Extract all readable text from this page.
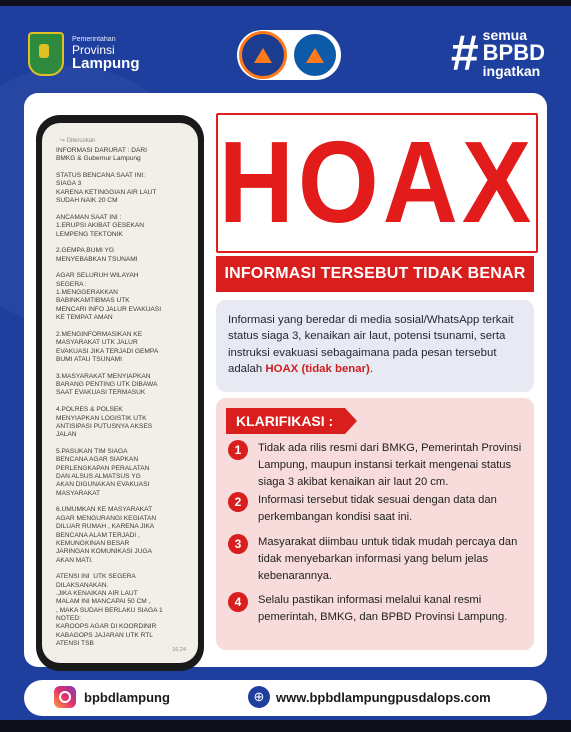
Pemerintahan
Provinsi
Lampung	# semua
BPBD
ingatkan
↪ Diteruskan
INFORMASI DARURAT : DARI
BMKG & Gubernur Lampung

STATUS BENCANA SAAT INI:
SIAGA 3
KARENA KETINGGIAN AIR LAUT
SUDAH NAIK 20 CM

ANCAMAN SAAT INI :
1.ERUPSI AKIBAT GESEKAN
LEMPENG TEKTONIK

2.GEMPA BUMI YG
MENYEBABKAN TSUNAMI

AGAR SELURUH WILAYAH
SEGERA :
1.MENGGERAKKAN
BABINKAMTIBMAS UTK
MENCARI INFO JALUR EVAKUASI
KE TEMPAT AMAN

2.MENGINFORMASIKAN KE
MASYARAKAT UTK JALUR
EVAKUASI JIKA TERJADI GEMPA
BUMI ATAU TSUNAMI

3.MASYARAKAT MENYIAPKAN
BARANG PENTING UTK DIBAWA
SAAT EVAKUASI TERMASUK

4.POLRES & POLSEK
MENYIAPKAN LOGISTIK UTK
ANTISIPASI PUTUSNYA AKSES
JALAN

5.PASUKAN TIM SIAGA
BENCANA AGAR SIAPKAN
PERLENGKAPAN PERALATAN
DAN ALSUS ALMATSUS YG
AKAN DIGUNAKAN EVAKUASI
MASYARAKAT

6.UMUMKAN KE MASYARAKAT
AGAR MENGURANGI KEGIATAN
DILUAR RUMAH , KARENA JIKA
BENCANA ALAM TERJADI ,
KEMUNGKINAN BESAR
JARINGAN KOMUNIKASI JUGA
AKAN MATI.

ATENSI INI  UTK SEGERA
DILAKSANAKAN.
.JIKA KENAIKAN AIR LAUT
MALAM INI MANCAPAI 50 CM ,
, MAKA SUDAH BERLAKU SIAGA 1
NOTED:
KAROOPS AGAR DI KOORDINIR
KABAGOPS JAJARAN UTK RTL
ATENSI TSB
16.24
HOAX
INFORMASI TERSEBUT TIDAK BENAR

Informasi yang beredar di media sosial/WhatsApp terkait status siaga 3, kenaikan air laut, potensi tsunami, serta instruksi evakuasi sebagaimana pada pesan tersebut adalah HOAX (tidak benar).

KLARIFIKASI :
1	Tidak ada rilis resmi dari BMKG, Pemerintah Provinsi Lampung, maupun instansi terkait mengenai status siaga 3 akibat kenaikan air laut 20 cm.
2	Informasi tersebut tidak sesuai dengan data dan perkembangan kondisi saat ini.
3	Masyarakat diimbau untuk tidak mudah percaya dan tidak menyebarkan informasi yang belum jelas kebenarannya.
4	Selalu pastikan informasi melalui kanal resmi pemerintah, BMKG, dan BPBD Provinsi Lampung.
bpbdlampung	⊕ www.bpbdlampungpusdalops.com
